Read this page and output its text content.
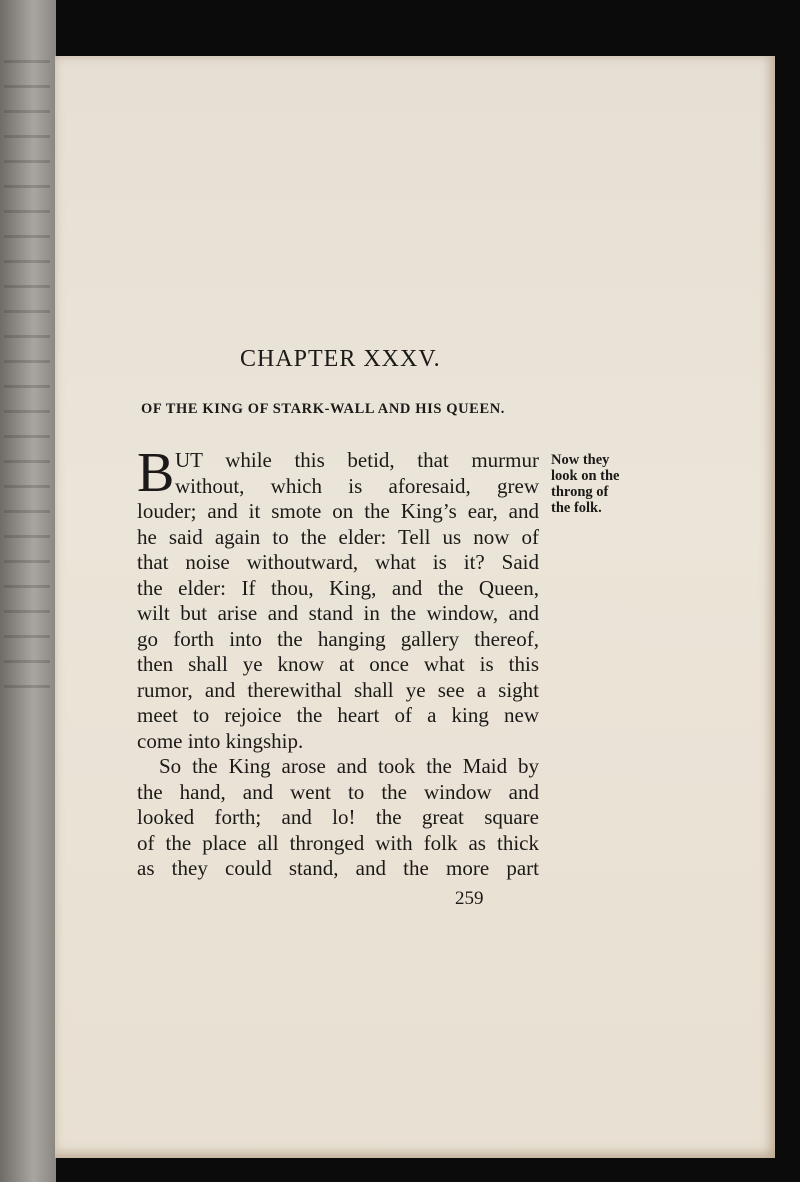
CHAPTER XXXV.
OF THE KING OF STARK-WALL AND HIS QUEEN.
B UT while this betid, that murmur
without, which is aforesaid, grew
louder; and it smote on the King’s ear, and
he said again to the elder: Tell us now of
that noise withoutward, what is it? Said
the elder: If thou, King, and the Queen,
wilt but arise and stand in the window, and
go forth into the hanging gallery thereof,
then shall ye know at once what is this
rumor, and therewithal shall ye see a sight
meet to rejoice the heart of a king new
come into kingship.
So the King arose and took the Maid by
the hand, and went to the window and
looked forth; and lo! the great square
of the place all thronged with folk as thick
as they could stand, and the more part
Now they
look on the
throng of
the folk.
259
